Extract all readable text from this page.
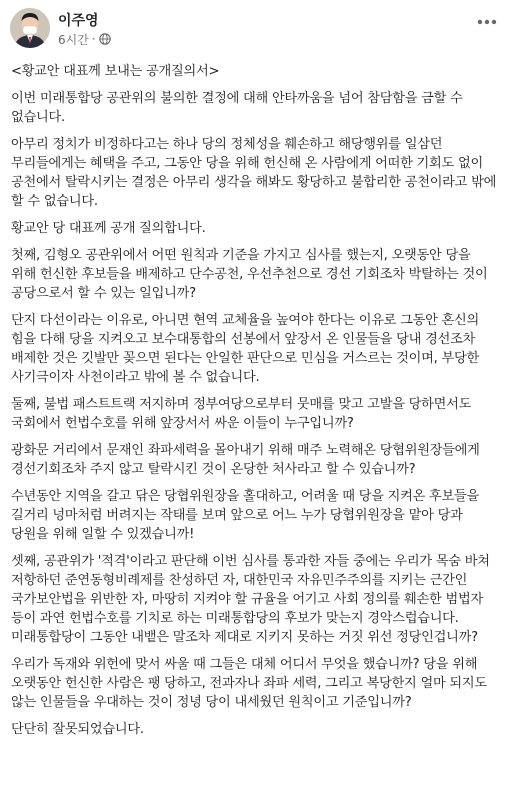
이주영
6시간 ·

<황교안 대표께 보내는 공개질의서>

이번 미래통합당 공관위의 불의한 결정에 대해 안타까움을 넘어 참담함을 금할 수 없습니다.

아무리 정치가 비정하다고는 하나 당의 정체성을 훼손하고 해당행위를 일삼던 무리들에게는 혜택을 주고, 그동안 당을 위해 헌신해 온 사람에게 어떠한 기회도 없이 공천에서 탈락시키는 결정은 아무리 생각을 해봐도 황당하고 불합리한 공천이라고 밖에 할 수 없습니다.

황교안 당 대표께 공개 질의합니다.

첫째, 김형오 공관위에서 어떤 원칙과 기준을 가지고 심사를 했는지, 오랫동안 당을 위해 헌신한 후보들을 배제하고 단수공천, 우선추천으로 경선 기회조차 박탈하는 것이 공당으로서 할 수 있는 일입니까?

단지 다선이라는 이유로, 아니면 현역 교체율을 높여야 한다는 이유로 그동안 혼신의 힘을 다해 당을 지켜오고 보수대통합의 선봉에서 앞장서 온 인물들을 당내 경선조차 배제한 것은 깃발만 꽂으면 된다는 안일한 판단으로 민심을 거스르는 것이며, 부당한 사기극이자 사천이라고 밖에 볼 수 없습니다.

둘째, 불법 패스트트랙 저지하며 정부여당으로부터 뭇매를 맞고 고발을 당하면서도 국회에서 헌법수호를 위해 앞장서서 싸운 이들이 누구입니까?

광화문 거리에서 문재인 좌파세력을 몰아내기 위해 매주 노력해온 당협위원장들에게 경선기회조차 주지 않고 탈락시킨 것이 온당한 처사라고 할 수 있습니까?

수년동안 지역을 갈고 닦은 당협위원장을 홀대하고, 어려울 때 당을 지켜온 후보들을 길거리 넝마처럼 버려지는 작태를 보며 앞으로 어느 누가 당협위원장을 맡아 당과 당원을 위해 일할 수 있겠습니까!

셋째, 공관위가 '적격'이라고 판단해 이번 심사를 통과한 자들 중에는 우리가 목숨 바쳐 저항하던 준연동형비례제를 찬성하던 자, 대한민국 자유민주주의를 지키는 근간인 국가보안법을 위반한 자, 마땅히 지켜야 할 규율을 어기고 사회 정의를 훼손한 범법자 등이 과연 헌법수호를 기치로 하는 미래통합당의 후보가 맞는지 경악스럽습니다. 미래통합당이 그동안 내뱉은 말조차 제대로 지키지 못하는 거짓 위선 정당인겁니까?

우리가 독재와 위헌에 맞서 싸울 때 그들은 대체 어디서 무엇을 했습니까? 당을 위해 오랫동안 헌신한 사람은 팽 당하고, 전과자나 좌파 세력, 그리고 복당한지 얼마 되지도 않는 인물들을 우대하는 것이 정녕 당이 내세웠던 원칙이고 기준입니까?

단단히 잘못되었습니다.
